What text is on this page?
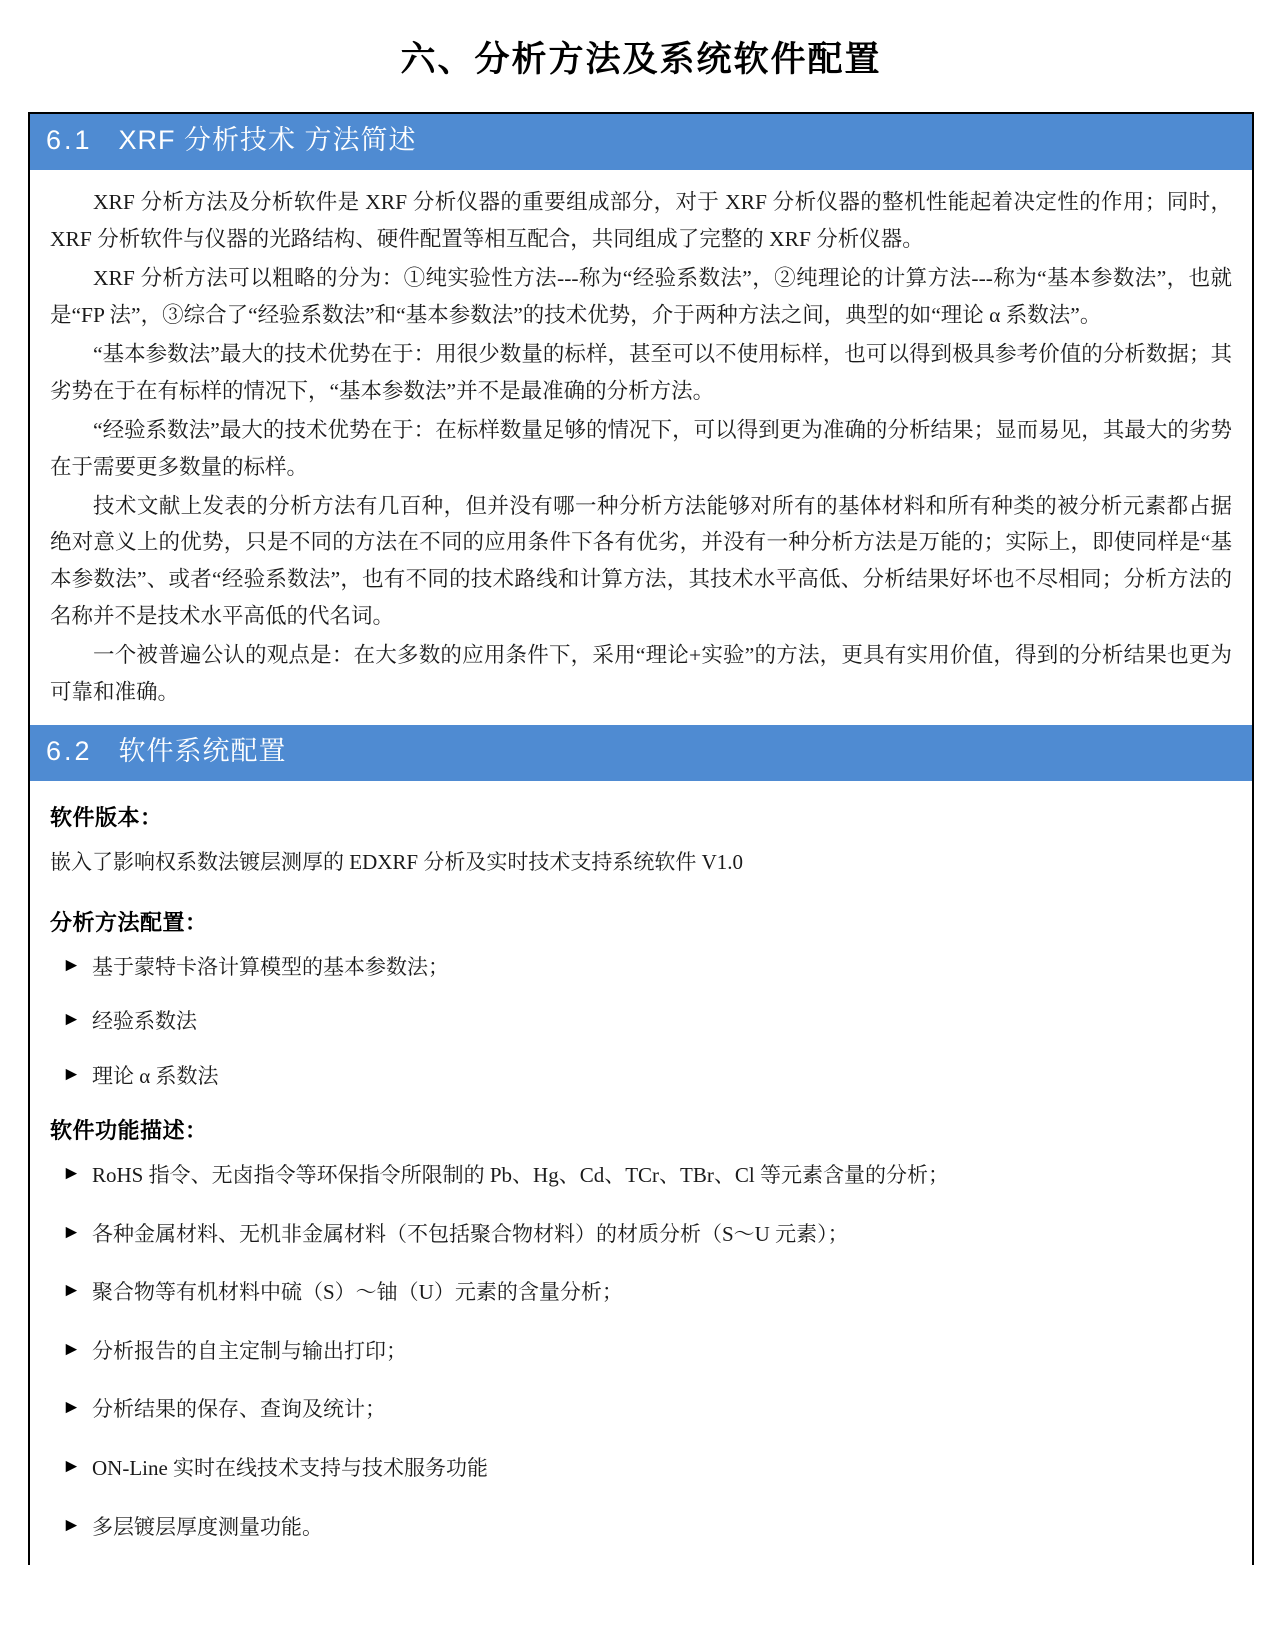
六、分析方法及系统软件配置
6.1 XRF 分析技术 方法简述

XRF 分析方法及分析软件是 XRF 分析仪器的重要组成部分，对于 XRF 分析仪器的整机性能起着决定性的作用；同时，XRF 分析软件与仪器的光路结构、硬件配置等相互配合，共同组成了完整的 XRF 分析仪器。

XRF 分析方法可以粗略的分为：①纯实验性方法---称为“经验系数法”，②纯理论的计算方法---称为“基本参数法”，也就是“FP 法”，③综合了“经验系数法”和“基本参数法”的技术优势，介于两种方法之间，典型的如“理论 α 系数法”。

“基本参数法”最大的技术优势在于：用很少数量的标样，甚至可以不使用标样，也可以得到极具参考价值的分析数据；其劣势在于在有标样的情况下，“基本参数法”并不是最准确的分析方法。

“经验系数法”最大的技术优势在于：在标样数量足够的情况下，可以得到更为准确的分析结果；显而易见，其最大的劣势在于需要更多数量的标样。

技术文献上发表的分析方法有几百种，但并没有哪一种分析方法能够对所有的基体材料和所有种类的被分析元素都占据绝对意义上的优势，只是不同的方法在不同的应用条件下各有优劣，并没有一种分析方法是万能的；实际上，即使同样是“基本参数法”、或者“经验系数法”，也有不同的技术路线和计算方法，其技术水平高低、分析结果好坏也不尽相同；分析方法的名称并不是技术水平高低的代名词。

一个被普遍公认的观点是：在大多数的应用条件下，采用“理论+实验”的方法，更具有实用价值，得到的分析结果也更为可靠和准确。

6.2 软件系统配置
软件版本：
嵌入了影响权系数法镀层测厚的 EDXRF 分析及实时技术支持系统软件 V1.0
分析方法配置：
► 基于蒙特卡洛计算模型的基本参数法；
► 经验系数法
► 理论 α 系数法
软件功能描述：
► RoHS 指令、无卤指令等环保指令所限制的 Pb、Hg、Cd、TCr、TBr、Cl 等元素含量的分析；
► 各种金属材料、无机非金属材料（不包括聚合物材料）的材质分析（S～U 元素）；
► 聚合物等有机材料中硫（S）～铀（U）元素的含量分析；
► 分析报告的自主定制与输出打印；
► 分析结果的保存、查询及统计；
► ON-Line 实时在线技术支持与技术服务功能
► 多层镀层厚度测量功能。
